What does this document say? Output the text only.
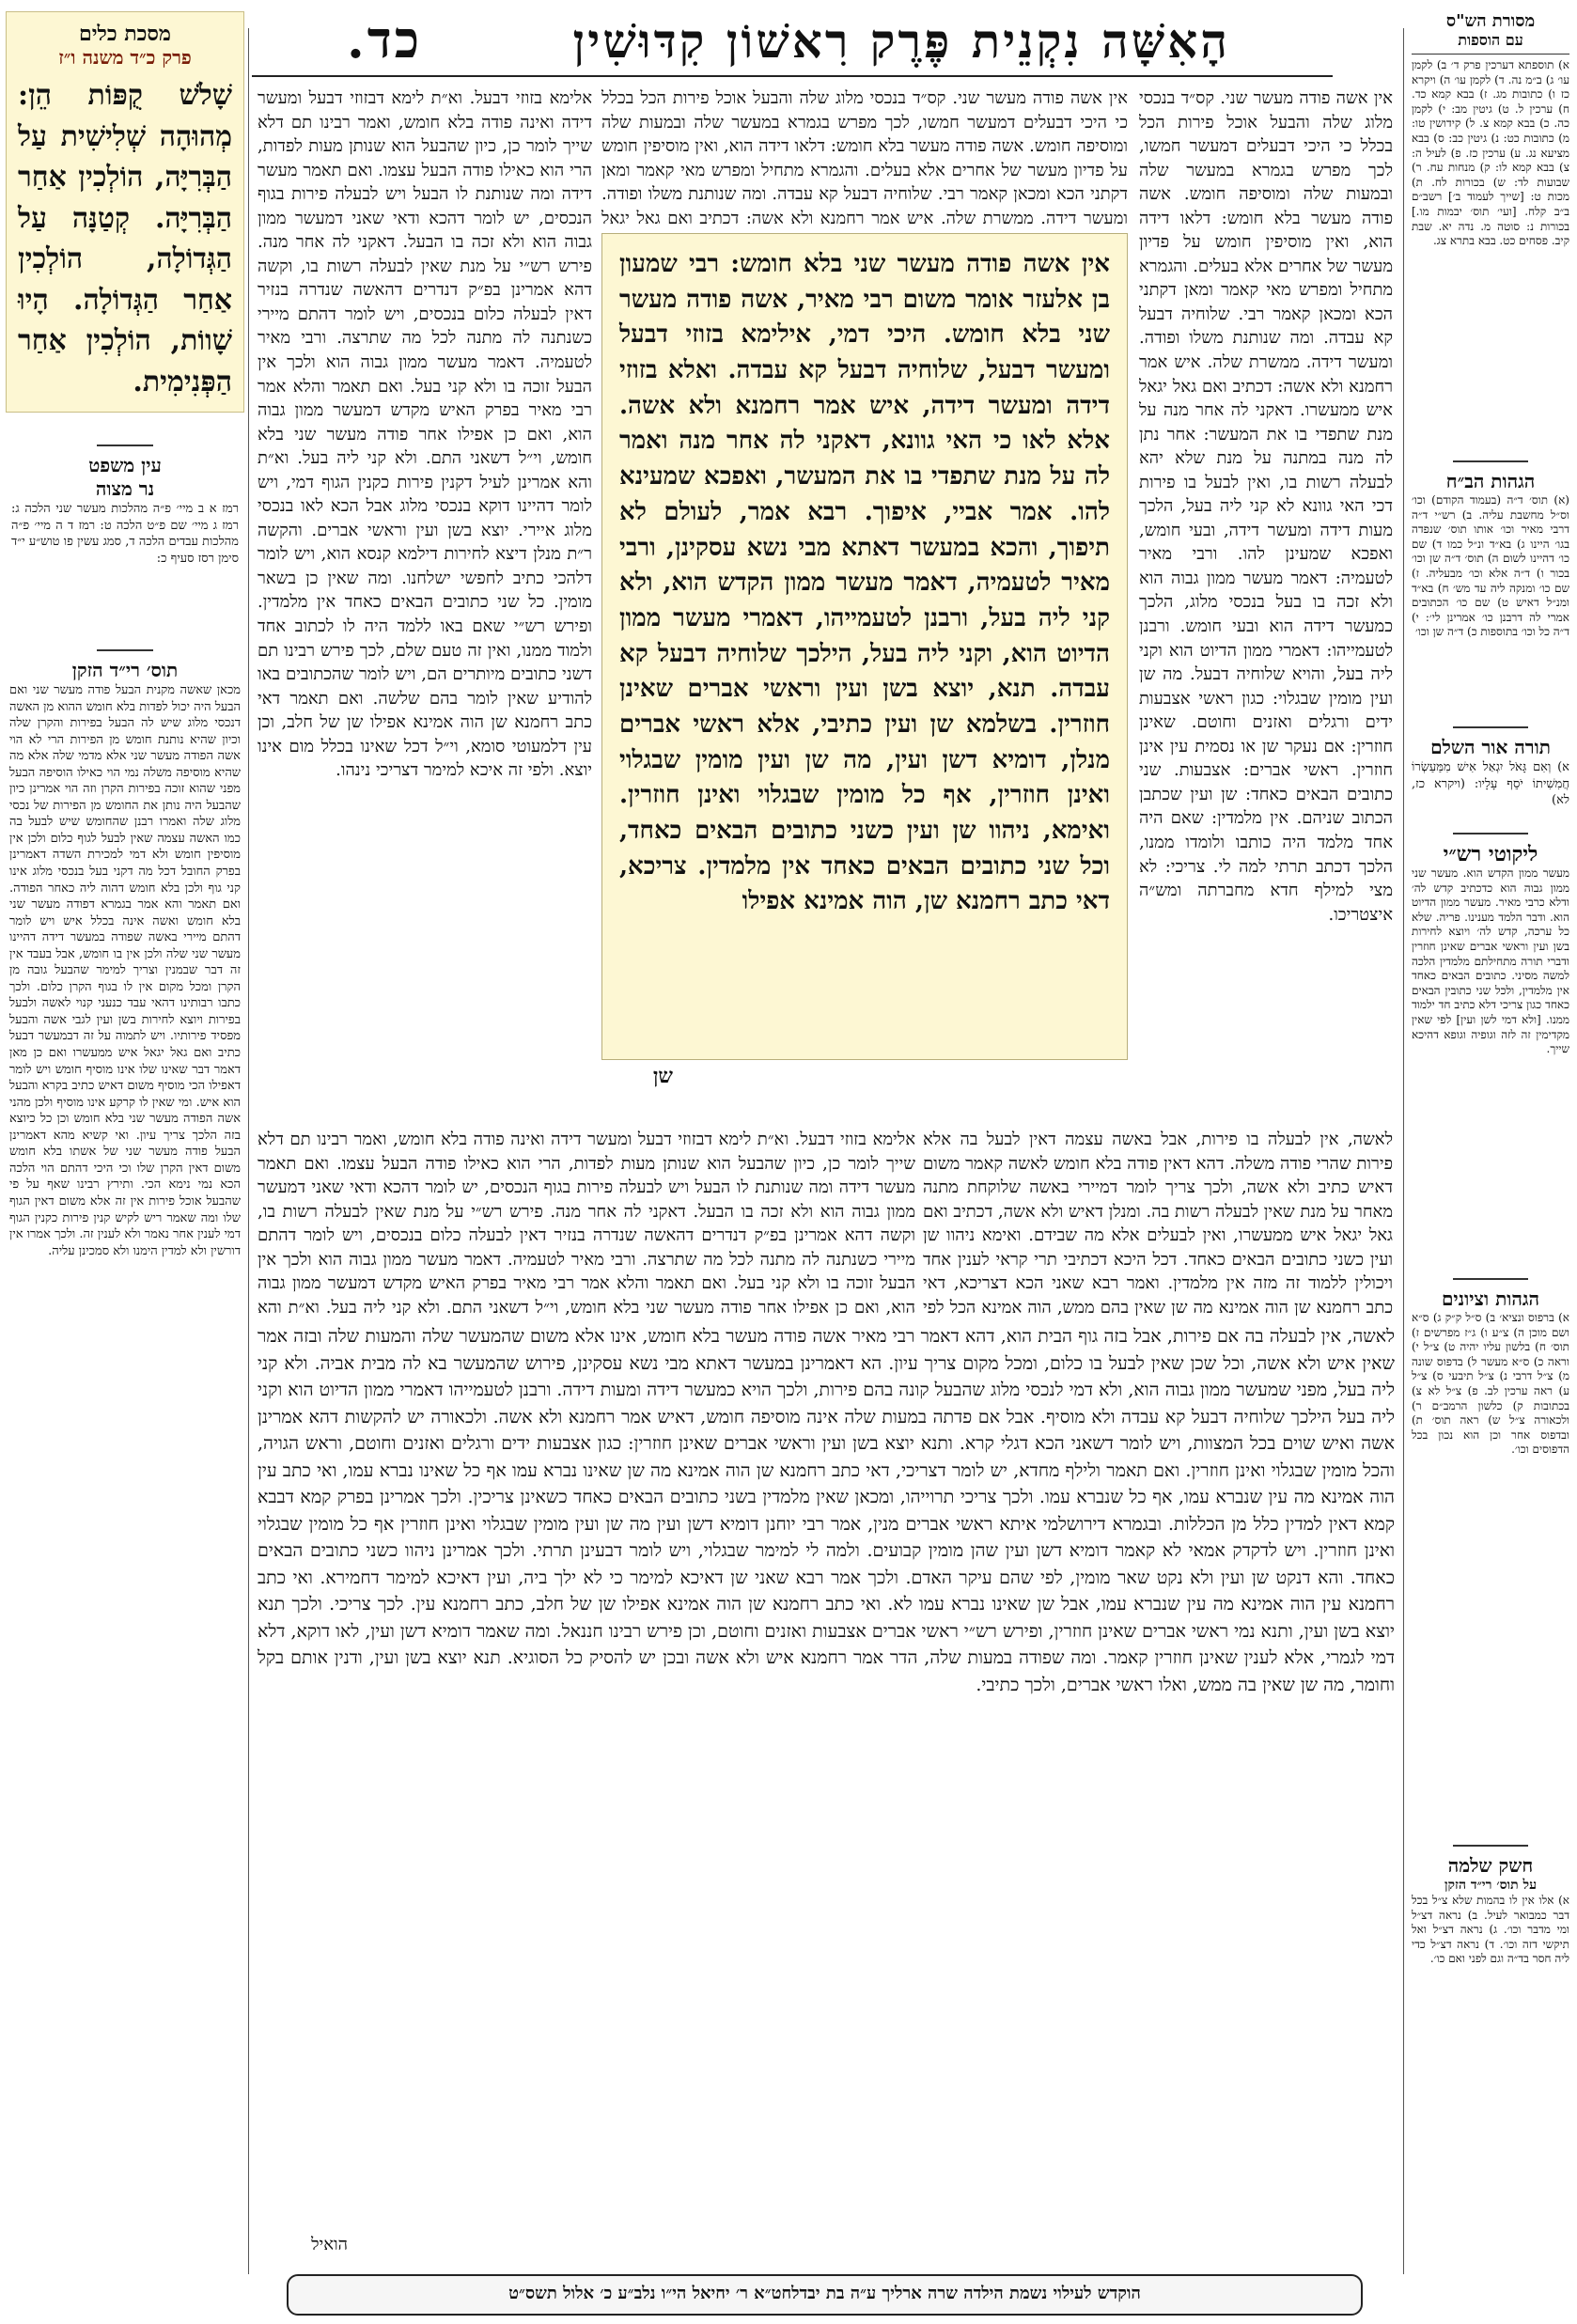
הָאִשָּׁה נִקְנֵית פֶּרֶק רִאשׁוֹן קִדּוּשִׁין כד.	מסורת הש"ס
עם הוספות
א) תוספתא דערכין פרק ד׳ ב) לקמן עו׳ ג) ב״מ נה. ד) לקמן עו׳ ה) ויקרא כז ו) כתובות מג. ז) בבא קמא כד. ח) ערכין ל. ט) גיטין מב: י) לקמן כה. כ) בבא קמא צ. ל) קידושין טו: מ) כתובות כט: נ) גיטין כב: ס) בבא מציעא נג. ע) ערכין כז. פ) לעיל ה: צ) בבא קמא לו: ק) מנחות עח. ר) שבועות לד: ש) בכורות לח. ת) מכות ט: [שייך לעמוד ב׳] רשב״ם ב״ב קלח. [ועי׳ תוס׳ יבמות מו.] בכורות נ: סוטה מ. נדה יא. שבת קיב. פסחים כט. בבא בתרא צג.
הגהות הב״ח
(א) תוס׳ ד״ה (בעמוד הקודם) וכו׳ וס״ל מחשבת עליה. ב) רש״י ד״ה דרבי מאיר וכו׳ אותו תוס׳ שנפדה בגו׳ היינו ג) בא״ד ונ״ל כמו ד) שם כו׳ דהיינו לשום ה) תוס׳ ד״ה שן וכו׳ בכור ו) ד״ה אלא וכו׳ מבעליה. ז) שם כו׳ ומנקה ליה עד מש׳ ח) בא״ד ומנ״ל דאיש ט) שם כו׳ הכתובים אמרי לה דרבנן כו׳ אמרינן לי׳: י) ד״ה כל וכו׳ בתוספות כ) ד״ה שן וכו׳
תורה אור השלם
א) וְאִם גָּאֹל יִגְאַל אִישׁ מִמַּעַשְׂרוֹ חֲמִשִׁיתוֹ יֹסֵף עָלָיו: (ויקרא כז, לא)
ליקוטי רש״י
מעשר ממון הקדש הוא. מעשר שני ממון גבוה הוא כדכתיב קדש לה׳ ודלא כרבי מאיר. מעשר ממון הדיוט הוא. ודבר הלמד מענינו. פריה. שלא כל ערכה, קדש לה׳ ויוצא לחירות בשן ועין וראשי אברים שאינן חוזרין ודברי תורה מתחילתם מלמדין הלכה למשה מסיני. כתובים הבאים כאחד אין מלמדין, ולכל שני כתובין הבאים כאחד כגון צריכי דלא כתיב חד ילמוד ממנו. [ולא דמי לשן ועין] לפי שאין מקדימין זה לזה וגופיה וגופא דהיכא שייך.
הגהות וציונים
א) ברפוס ונציא׳ ב) ס״ל ק״ק ג) ס״א ושם מוכן ה) צ״ע ו) ג״ז מפרשים ז) תוס׳ ח) בלשון עליו יהיה ט) צ״ל י) וראה כ) ס״א מעשר ל) בדפוס שונה מ) צ״ל דרבי נ) צ״ל תיבעי ס) צ״ל ע) ראה ערכין לב. פ) צ״ל לא צ) בכתובות ק) כלשון הרמב״ם ר) ולכאורה צ״ל ש) ראה תוס׳ ת) ובדפוס אחר וכן הוא נכון בכל הדפוסים וכו׳.
חשק שלמה
על תוס׳ רי״ד הזקן
א) אלו אין לו בהמות שלא צ״ל בכל דבר כמבואר לעיל. ב) נראה דצ״ל ומי מדבר וכו׳. ג) נראה דצ״ל ואל תיקשי דזה וכו׳. ד) נראה דצ״ל כדי ליה חסר בד״ה וגם לפני ואם כו׳.
מסכת כלים
פרק כ״ד משנה ו״ז
שָׁלֹשׁ קֻפּוֹת הֵן: מְהוּהָה שְׁלִישִׁית עַל הַבְּרִיָּה, הוֹלְכִין אַחַר הַבְּרִיָּה. קְטַנָּה עַל הַגְּדוֹלָה, הוֹלְכִין אַחַר הַגְּדוֹלָה. הָיוּ שָׁווֹת, הוֹלְכִין אַחַר הַפְּנִימִית.
עין משפט
נר מצוה
רמז א ב מיי׳ פ״ה מהלכות מעשר שני הלכה ג: רמז ג מיי׳ שם פ״ט הלכה ט: רמז ד ה מיי׳ פ״ה מהלכות עבדים הלכה ד, סמג עשין פו טוש״ע י״ד סימן רסז סעיף כ:
תוס׳ רי״ד הזקן
מכאן שאשה מקנית הבעל פודה מעשר שני ואם הבעל היה יכול לפדות בלא חומש ההוא מן האשה דנכסי מלוג שיש לה הבעל בפירות והקרן שלה וכיון שהיא נותנת חומש מן הפירות הרי לא הוי אשה הפודה מעשר שני אלא מדמי שלה אלא מה שהיא מוסיפה משלה נמי הוי כאילו הוסיפה הבעל מפני שהוא זוכה בפירות הקרן וזה הוי אמרינן כיון שהבעל היה נותן את החומש מן הפירות של נכסי מלוג שלה ואמרו רבנן שהחומש שיש לבעל בה כמו האשה עצמה שאין לבעל לגוף כלום ולכן אין מוסיפין חומש ולא דמי למכירת השדה דאמרינן בפרק החובל דכל מה דקני בעל בנכסי מלוג אינו קני גוף ולכן בלא חומש דהוה ליה כאחר הפודה. ואם תאמר והא אמר בגמרא דפודה מעשר שני בלא חומש ואשה אינה בכלל איש ויש לומר דהתם מיירי באשה שפודה במעשר דידה דהיינו מעשר שני שלה ולכן אין בו חומש, אבל בעבד אין זה דבר שבמנין וצריך למימר שהבעל גובה מן הקרן ומכל מקום אין לו בגוף הקרן כלום. ולכך כתבו רבותינו דהאי עבד כנעני קנוי לאשה ולבעל בפירות ויוצא לחירות בשן ועין לגבי אשה והבעל מפסיד פירותיו. ויש לתמוה על זה דבמעשר דבעל כתיב ואם גאל יגאל איש ממעשרו ואם כן מאן דאמר דבר שאינו שלו אינו מוסיף חומש ויש לומר דאפילו הכי מוסיף משום דאיש כתיב בקרא והבעל הוא איש. ומי שאין לו קרקע אינו מוסיף ולכן מהני אשה הפודה מעשר שני בלא חומש וכן כל כיוצא בזה הלכך צריך עיון. ואי קשיא מהא דאמרינן הבעל פודה מעשר שני של אשתו בלא חומש משום דאין הקרן שלו וכי היכי דהתם הוי הלכה הכא נמי נימא הכי. ותירץ רבינו שאף על פי שהבעל אוכל פירות אין זה אלא משום דאין הגוף שלו ומה שאמר ריש לקיש קנין פירות כקנין הגוף דמי לענין אחר נאמר ולא לענין זה. ולכך אמרו אין דורשין ולא למדין הימנו ולא סמכינן עליה.
אין אשה פודה מעשר שני. קס״ד בנכסי מלוג שלה והבעל אוכל פירות הכל בכלל כי היכי דבעלים דמעשר חמשו, לכך מפרש בגמרא במעשר שלה ובמעות שלה ומוסיפה חומש. אשה פודה מעשר בלא חומש: דלאו דידה הוא, ואין מוסיפין חומש על פדיון מעשר של אחרים אלא בעלים. והגמרא מתחיל ומפרש מאי קאמר ומאן דקתני הכא ומכאן קאמר רבי. שלוחיה דבעל קא עבדה. ומה שנותנת משלו ופודה. ומעשר דידה. ממשרת שלה. איש אמר רחמנא ולא אשה: דכתיב ואם גאל יגאל איש ממעשרו. דאקני לה אחר מנה על מנת שתפדי בו את המעשר: אחר נתן לה מנה במתנה על מנת שלא יהא לבעלה רשות בו, ואין לבעל בו פירות דכי האי גוונא לא קני ליה בעל, הלכך מעות דידה ומעשר דידה, ובעי חומש, ואפכא שמעינן להו. ורבי מאיר לטעמיה: דאמר מעשר ממון גבוה הוא ולא זכה בו בעל בנכסי מלוג, הלכך כמעשר דידה הוא ובעי חומש. ורבנן לטעמייהו: דאמרי ממון הדיוט הוא וקני ליה בעל, והויא שלוחיה דבעל. מה שן ועין מומין שבגלוי: כגון ראשי אצבעות ידים ורגלים ואזנים וחוטם. שאינן חוזרין: אם נעקר שן או נסמית עין אינן חוזרין. ראשי אברים: אצבעות. שני כתובים הבאים כאחד: שן ועין שכתבן הכתוב שניהם. אין מלמדין: שאם היה אחד מלמד היה כותבו ולומדו ממנו, הלכך דכתב תרתי למה לי. צריכי: לא מצי למילף חדא מחברתה ומש״ה איצטריכו.
אלימא בזוזי דבעל. וא״ת לימא דבזוזי דבעל ומעשר דידה ואינה פודה בלא חומש, ואמר רבינו תם דלא שייך לומר כן, כיון שהבעל הוא שנותן מעות לפדות, הרי הוא כאילו פודה הבעל עצמו. ואם תאמר מעשר דידה ומה שנותנת לו הבעל ויש לבעלה פירות בגוף הנכסים, יש לומר דהכא ודאי שאני דמעשר ממון גבוה הוא ולא זכה בו הבעל. דאקני לה אחר מנה. פירש רש״י על מנת שאין לבעלה רשות בו, וקשה דהא אמרינן בפ״ק דנדרים דהאשה שנדרה בנזיר דאין לבעלה כלום בנכסים, ויש לומר דהתם מיירי כשנתנה לה מתנה לכל מה שתרצה. ורבי מאיר לטעמיה. דאמר מעשר ממון גבוה הוא ולכך אין הבעל זוכה בו ולא קני בעל. ואם תאמר והלא אמר רבי מאיר בפרק האיש מקדש דמעשר ממון גבוה הוא, ואם כן אפילו אחר פודה מעשר שני בלא חומש, וי״ל דשאני התם. ולא קני ליה בעל. וא״ת והא אמרינן לעיל דקנין פירות כקנין הגוף דמי, ויש לומר דהיינו דוקא בנכסי מלוג אבל הכא לאו בנכסי מלוג איירי. יוצא בשן ועין וראשי אברים. והקשה ר״ת מנלן דיצא לחירות דילמא קנסא הוא, ויש לומר דלהכי כתיב לחפשי ישלחנו. ומה שאין כן בשאר מומין. כל שני כתובים הבאים כאחד אין מלמדין. ופירש רש״י שאם באו ללמד היה לו לכתוב אחד ולמוד ממנו, ואין זה טעם שלם, לכך פירש רבינו תם דשני כתובים מיותרים הם, ויש לומר שהכתובים באו להודיע שאין לומר בהם שלשה. ואם תאמר דאי כתב רחמנא שן הוה אמינא אפילו שן של חלב, וכן עין דלמעוטי סומא, וי״ל דכל שאינו בכלל מום אינו יוצא. ולפי זה איכא למימר דצריכי נינהו.
אין אשה פודה מעשר שני. קס״ד בנכסי מלוג שלה והבעל אוכל פירות הכל בכלל כי היכי דבעלים דמעשר חמשו, לכך מפרש בגמרא במעשר שלה ובמעות שלה ומוסיפה חומש. אשה פודה מעשר בלא חומש: דלאו דידה הוא, ואין מוסיפין חומש על פדיון מעשר של אחרים אלא בעלים. והגמרא מתחיל ומפרש מאי קאמר ומאן דקתני הכא ומכאן קאמר רבי. שלוחיה דבעל קא עבדה. ומה שנותנת משלו ופודה. ומעשר דידה. ממשרת שלה. איש אמר רחמנא ולא אשה: דכתיב ואם גאל יגאל
אין אשה פודה מעשר שני בלא חומש: רבי שמעון בן אלעזר אומר משום רבי מאיר, אשה פודה מעשר שני בלא חומש. היכי דמי, אילימא בזוזי דבעל ומעשר דבעל, שלוחיה דבעל קא עבדה. ואלא בזוזי דידה ומעשר דידה, איש אמר רחמנא ולא אשה. אלא לאו כי האי גוונא, דאקני לה אחר מנה ואמר לה על מנת שתפדי בו את המעשר, ואפכא שמעינא להו. אמר אביי, איפוך. רבא אמר, לעולם לא תיפוך, והכא במעשר דאתא מבי נשא עסקינן, ורבי מאיר לטעמיה, דאמר מעשר ממון הקדש הוא, ולא קני ליה בעל, ורבנן לטעמייהו, דאמרי מעשר ממון הדיוט הוא, וקני ליה בעל, הילכך שלוחיה דבעל קא עבדה. תנא, יוצא בשן ועין וראשי אברים שאינן חוזרין. בשלמא שן ועין כתיבי, אלא ראשי אברים מנלן, דומיא דשן ועין, מה שן ועין מומין שבגלוי ואינן חוזרין, אף כל מומין שבגלוי ואינן חוזרין. ואימא, ניהוו שן ועין כשני כתובים הבאים כאחד, וכל שני כתובים הבאים כאחד אין מלמדין. צריכא, דאי כתב רחמנא שן, הוה אמינא אפילו
שן
לאשה, אין לבעלה בו פירות, אבל באשה עצמה דאין לבעל בה אלא פירות שהרי פודה משלה. דהא דאין פודה בלא חומש לאשה קאמר משום דאיש כתיב ולא אשה, ולכך צריך לומר דמיירי באשה שלוקחת מתנה מאחר על מנת שאין לבעלה רשות בה. ומנלן דאיש ולא אשה, דכתיב ואם גאל יגאל איש ממעשרו, ואין לבעלים אלא מה שבידם. ואימא ניהוו שן ועין כשני כתובים הבאים כאחד. דכל היכא דכתיבי תרי קראי לענין אחד ויכולין ללמוד זה מזה אין מלמדין. ואמר רבא שאני הכא דצריכא, דאי כתב רחמנא שן הוה אמינא מה שן שאין בהם ממש, הוה אמינא הכל לפי
אלימא בזוזי דבעל. וא״ת לימא דבזוזי דבעל ומעשר דידה ואינה פודה בלא חומש, ואמר רבינו תם דלא שייך לומר כן, כיון שהבעל הוא שנותן מעות לפדות, הרי הוא כאילו פודה הבעל עצמו. ואם תאמר מעשר דידה ומה שנותנת לו הבעל ויש לבעלה פירות בגוף הנכסים, יש לומר דהכא ודאי שאני דמעשר ממון גבוה הוא ולא זכה בו הבעל. דאקני לה אחר מנה. פירש רש״י על מנת שאין לבעלה רשות בו, וקשה דהא אמרינן בפ״ק דנדרים דהאשה שנדרה בנזיר דאין לבעלה כלום בנכסים, ויש לומר דהתם מיירי כשנתנה לה מתנה לכל מה שתרצה. ורבי מאיר לטעמיה. דאמר מעשר ממון גבוה הוא ולכך אין הבעל זוכה בו ולא קני בעל. ואם תאמר והלא אמר רבי מאיר בפרק האיש מקדש דמעשר ממון גבוה הוא, ואם כן אפילו אחר פודה מעשר שני בלא חומש, וי״ל דשאני התם. ולא קני ליה בעל. וא״ת והא
לאשה, אין לבעלה בה אם פירות, אבל בזה גוף הבית הוא, דהא דאמר רבי מאיר אשה פודה מעשר בלא חומש, אינו אלא משום שהמעשר שלה והמעות שלה ובזה אמר שאין איש ולא אשה, וכל שכן שאין לבעל בו כלום, ומכל מקום צריך עיון. הא דאמרינן במעשר דאתא מבי נשא עסקינן, פירוש שהמעשר בא לה מבית אביה. ולא קני ליה בעל, מפני שמעשר ממון גבוה הוא, ולא דמי לנכסי מלוג שהבעל קונה בהם פירות, ולכך הויא כמעשר דידה ומעות דידה. ורבנן לטעמייהו דאמרי ממון הדיוט הוא וקני ליה בעל הילכך שלוחיה דבעל קא עבדה ולא מוסיף. אבל אם פדתה במעות שלה אינה מוסיפה חומש, דאיש אמר רחמנא ולא אשה. ולכאורה יש להקשות דהא אמרינן אשה ואיש שוים בכל המצוות, ויש לומר דשאני הכא דגלי קרא. ותנא יוצא בשן ועין וראשי אברים שאינן חוזרין: כגון אצבעות ידים ורגלים ואזנים וחוטם, וראש הגויה, והכל מומין שבגלוי ואינן חוזרין. ואם תאמר ולילף מחדא, יש לומר דצריכי, דאי כתב רחמנא שן הוה אמינא מה שן שאינו נברא עמו אף כל שאינו נברא עמו, ואי כתב עין הוה אמינא מה עין שנברא עמו, אף כל שנברא עמו. ולכך צריכי תרוייהו, ומכאן שאין מלמדין בשני כתובים הבאים כאחד כשאינן צריכין. ולכך אמרינן בפרק קמא דבבא קמא דאין למדין כלל מן הכללות. ובגמרא דירושלמי איתא ראשי אברים מנין, אמר רבי יוחנן דומיא דשן ועין מה שן ועין מומין שבגלוי ואינן חוזרין אף כל מומין שבגלוי ואינן חוזרין. ויש לדקדק אמאי לא קאמר דומיא דשן ועין שהן מומין קבועים. ולמה לי למימר שבגלוי, ויש לומר דבעינן תרתי. ולכך אמרינן ניהוו כשני כתובים הבאים כאחד. והא דנקט שן ועין ולא נקט שאר מומין, לפי שהם עיקר האדם. ולכך אמר רבא שאני שן דאיכא למימר כי לא ילך ביה, ועין דאיכא למימר דחמירא. ואי כתב רחמנא עין הוה אמינא מה עין שנברא עמו, אבל שן שאינו נברא עמו לא. ואי כתב רחמנא שן הוה אמינא אפילו שן של חלב, כתב רחמנא עין. לכך צריכי. ולכך תנא יוצא בשן ועין, ותנא נמי ראשי אברים שאינן חוזרין, ופירש רש״י ראשי אברים אצבעות ואזנים וחוטם, וכן פירש רבינו חננאל. ומה שאמר דומיא דשן ועין, לאו דוקא, דלא דמי לגמרי, אלא לענין שאינן חוזרין קאמר. ומה שפודה במעות שלה, הדר אמר רחמנא איש ולא אשה ובכן יש להסיק כל הסוגיא. תנא יוצא בשן ועין, ודנין אותם בקל וחומר, מה שן שאין בה ממש, ואלו ראשי אברים, ולכך כתיבי.
הואיל
הוקדש לעילוי נשמת הילדה שרה ארליך ע״ה בת יבדלחט״א ר׳ יחיאל הי״ו נלב״ע כ׳ אלול תשס״ט
